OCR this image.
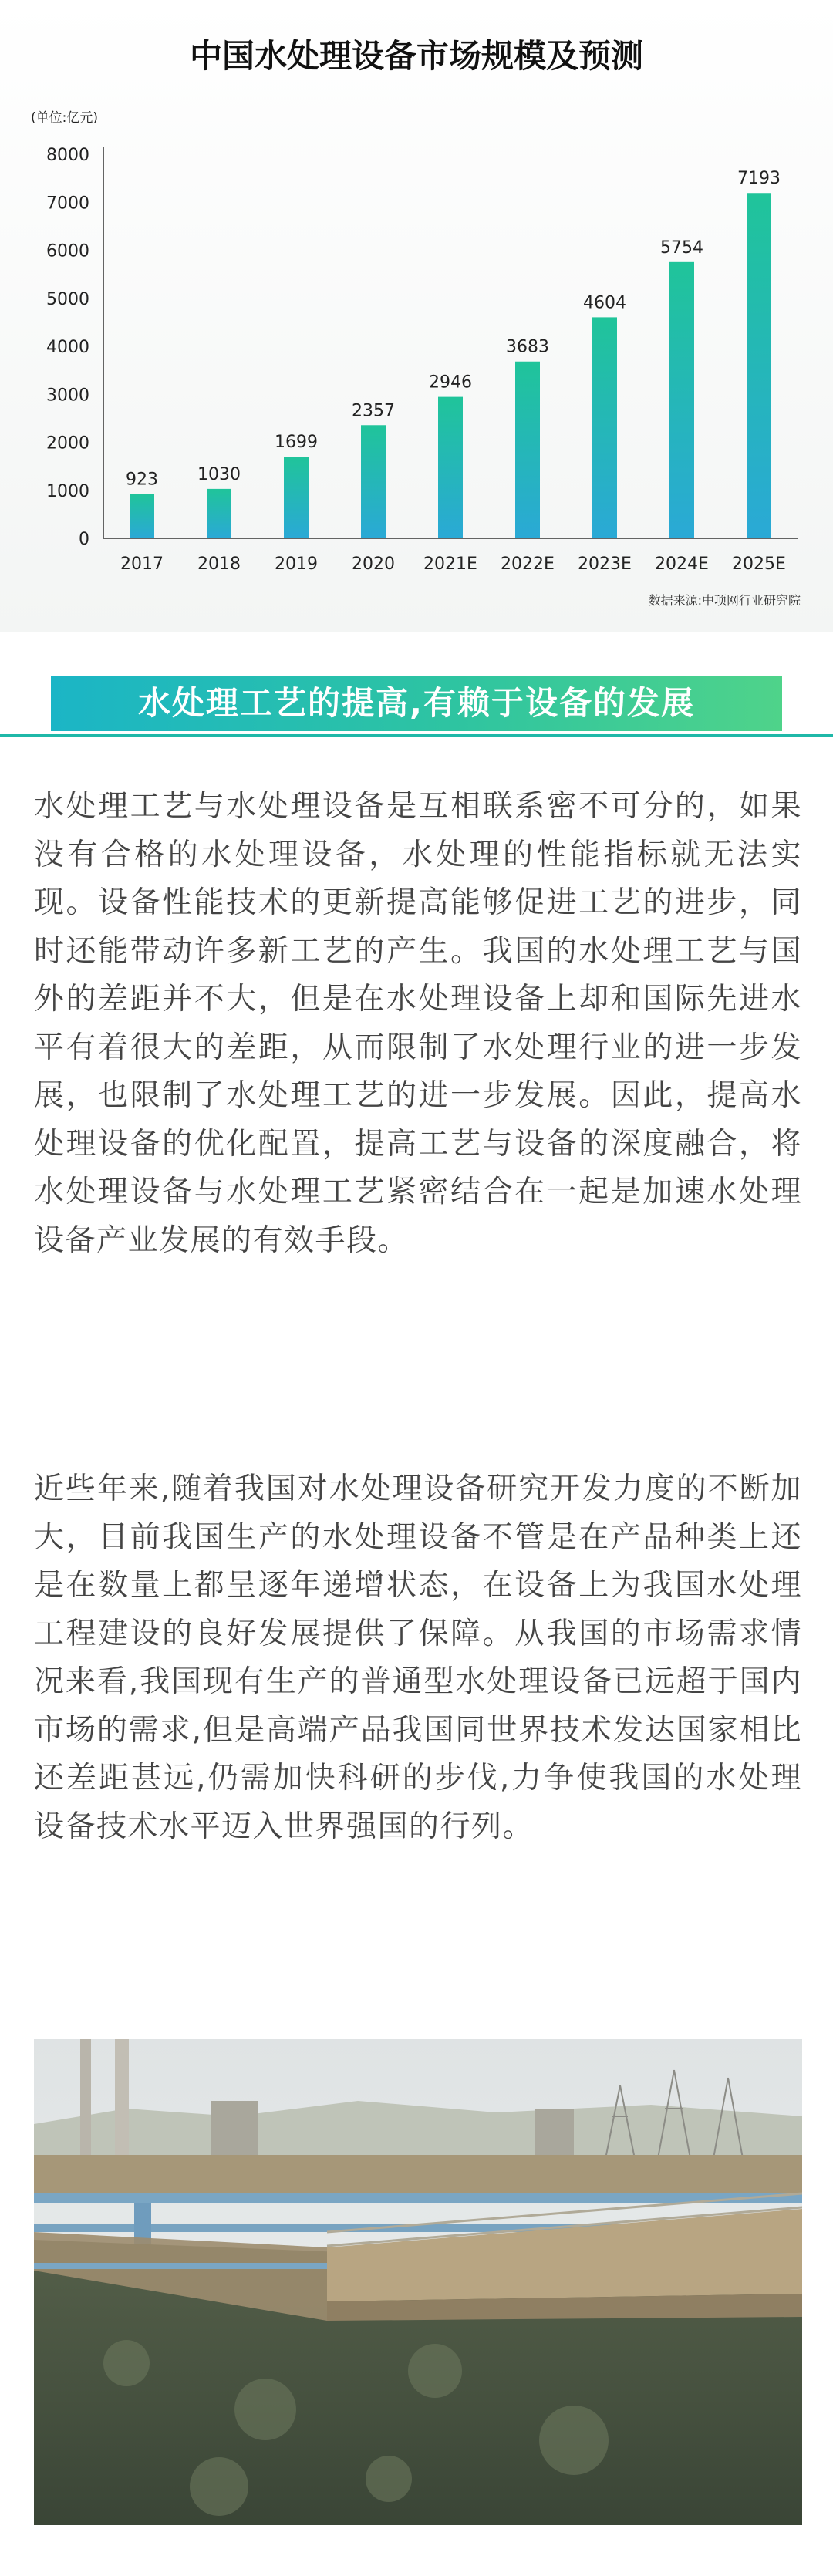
中国水处理设备市场规模及预测
(单位:亿元)
0
1000
2000
3000
4000
5000
6000
7000
8000
923 1030
1699
2357
2946
3683
4604
5754
7193
2017 2018 2019 2020 2021E 2022E 2023E 2024E 2025E
数据来源:中项网行业研究院
水处理工艺的提高,有赖于设备的发展

水处理工艺与水处理设备是互相联系密不可分的，如果没有合格的水处理设备，水处理的性能指标就无法实现。设备性能技术的更新提高能够促进工艺的进步，同时还能带动许多新工艺的产生。我国的水处理工艺与国外的差距并不大，但是在水处理设备上却和国际先进水平有着很大的差距，从而限制了水处理行业的进一步发展，也限制了水处理工艺的进一步发展。因此，提高水处理设备的优化配置，提高工艺与设备的深度融合，将水处理设备与水处理工艺紧密结合在一起是加速水处理设备产业发展的有效手段。

近些年来,随着我国对水处理设备研究开发力度的不断加大，目前我国生产的水处理设备不管是在产品种类上还是在数量上都呈逐年递增状态，在设备上为我国水处理工程建设的良好发展提供了保障。从我国的市场需求情况来看,我国现有生产的普通型水处理设备已远超于国内市场的需求,但是高端产品我国同世界技术发达国家相比还差距甚远,仍需加快科研的步伐,力争使我国的水处理设备技术水平迈入世界强国的行列。
